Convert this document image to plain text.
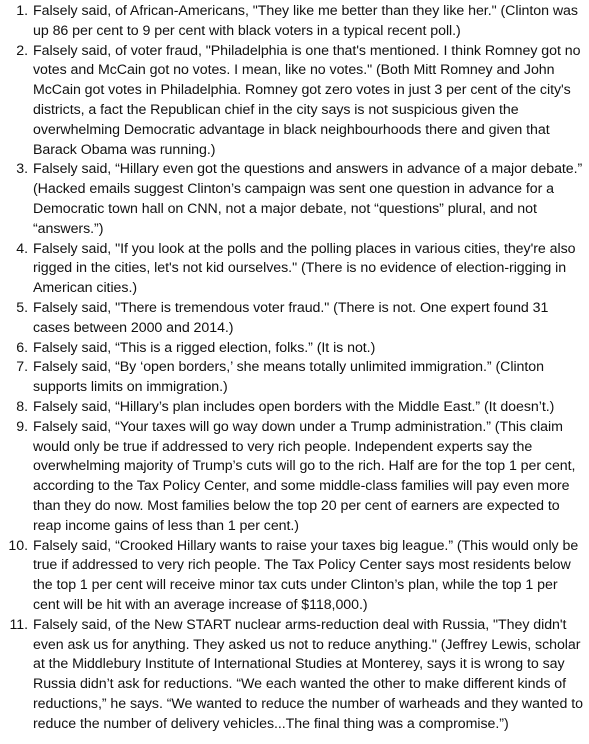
1. Falsely said, of African-Americans, "They like me better than they like her." (Clinton was up 86 per cent to 9 per cent with black voters in a typical recent poll.)
2. Falsely said, of voter fraud, "Philadelphia is one that's mentioned. I think Romney got no votes and McCain got no votes. I mean, like no votes." (Both Mitt Romney and John McCain got votes in Philadelphia. Romney got zero votes in just 3 per cent of the city's districts, a fact the Republican chief in the city says is not suspicious given the overwhelming Democratic advantage in black neighbourhoods there and given that Barack Obama was running.)
3. Falsely said, “Hillary even got the questions and answers in advance of a major debate.” (Hacked emails suggest Clinton’s campaign was sent one question in advance for a Democratic town hall on CNN, not a major debate, not “questions” plural, and not “answers.”)
4. Falsely said, "If you look at the polls and the polling places in various cities, they're also rigged in the cities, let's not kid ourselves." (There is no evidence of election-rigging in American cities.)
5. Falsely said, "There is tremendous voter fraud." (There is not. One expert found 31 cases between 2000 and 2014.)
6. Falsely said, “This is a rigged election, folks.” (It is not.)
7. Falsely said, “By ‘open borders,’ she means totally unlimited immigration.” (Clinton supports limits on immigration.)
8. Falsely said, “Hillary’s plan includes open borders with the Middle East.” (It doesn’t.)
9. Falsely said, “Your taxes will go way down under a Trump administration.” (This claim would only be true if addressed to very rich people. Independent experts say the overwhelming majority of Trump’s cuts will go to the rich. Half are for the top 1 per cent, according to the Tax Policy Center, and some middle-class families will pay even more than they do now. Most families below the top 20 per cent of earners are expected to reap income gains of less than 1 per cent.)
10. Falsely said, “Crooked Hillary wants to raise your taxes big league.” (This would only be true if addressed to very rich people. The Tax Policy Center says most residents below the top 1 per cent will receive minor tax cuts under Clinton’s plan, while the top 1 per cent will be hit with an average increase of $118,000.)
11. Falsely said, of the New START nuclear arms-reduction deal with Russia, "They didn't even ask us for anything. They asked us not to reduce anything." (Jeffrey Lewis, scholar at the Middlebury Institute of International Studies at Monterey, says it is wrong to say Russia didn’t ask for reductions. “We each wanted the other to make different kinds of reductions,” he says. “We wanted to reduce the number of warheads and they wanted to reduce the number of delivery vehicles...The final thing was a compromise.”)
